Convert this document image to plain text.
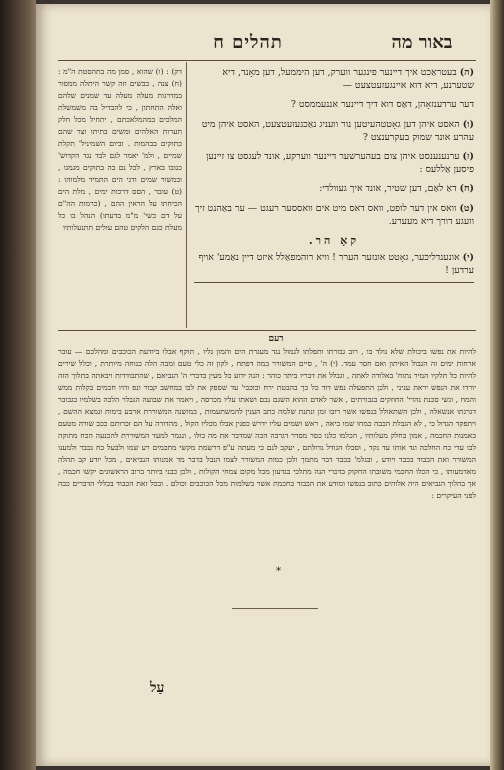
תהלים ח	באור מה

דק) : (ו) שהוא , סמן מה בתהסטת ה"מ : (ח) צנה , כבשים וזה קשר היתלה ממסור במדרגות מעלה מעלה עד שמנים שלהם ואלה התחתון , כי להבדיל בה משמשלת המלכים במהמלאכתם , יתחיל מכל חלק תערות האלהים ומשים בתיתו וצר שהם כתוקים בבהמות . וביום השמיניל' תקלת שמיים , ולמ' יאמר לגם לבד נגד הקדוש' כגובו בארץ , לכל נם בה בתוקים מגמגו , ובמשור שמים ודגי הים התמיד מלמוהו : (ט) עובר , הסס דרכות ימים , מלת הים הכיחתו על הראין ההם , (כרמות הה"ם על דם כשי' מ"מ בדעתו) הנהל בו כל מעלת כגם הלקים טהם עולים תתנעלותיו

(ה)בעטראַכט איך דיינער פינגער ווערק, דען היממעל, דען מאָנד, דיא שטערנע, דיא דוא איינגעזעטצעט —

דער ערדענזאָהן, דאַס דוא דיך דיינער אננעממסט ?

(ו)האסט איהן דען גאָטטהעיטען נור וועניג נאַכגעזעטצעט, האסט איהן מיט עהרע אונד שמוק בעקרענצט ?

(ז)ערנענענסט איהן צום בעהערשער דיינער ווערקע, אונד לעגסט צו זיינען פיסען אַללעס :

(ח)דאַ לאַם, דען שטיר, אונד איך געוולדי:

(ט)וואס אין דער לופט, וואס דאס מיט אים וואססער רעגט — ער באַהנט זיך וועגע דורך דיא מעערע.

קאָ הר.

(י)אונענדליכער, גאָטט אונזער הערר ! וויא רוהמפאַלל איזט דיין נאַמע' אויף ערדען !

דעם

להיות את נפשו ביכולת שלא נולד בו , רוב גבורתו ותפלתו לגמול נגד מעגרת הים והמון גליו , תוקף אבלו ביודעת הכוכבים ומהלכם — עובר ארחות ימים זה הגבול האיתון ואם חסר עמד. (י) ה' , סיים המשורר במה דפתח , לקון זה כלי טעם ומבה הלה כנוחה מיותרת , וכלל שירים להיות כל תלקיו המיר נתוח' באלודה לאתה , וגבלל את דבריו ביתר כוהר : הנה ידוע כל מעין בדברי ה' הנביאם , שהתבודדות ויבאתה בתלוך הזה יורדו את הנפש יראת עניני , ולכן התפעלה נפש דוד כל כך בהבטת ירח וכוכבי' עד שספק את לבו במחשב קבור ונפ והיו חכמים בקלות ממש והמח , ונשי סכנת נהרי' החוזקים בגבורתים , אשר לאדם ההוא השגם נבם ושאתו עליו מכרסה , ויאמר את שבועה הגבלר הלכה בשלמיו כגבובר דגרגתו אנשאלה , ולכן השתאולל בנפשו אשר רובו זמן ונתנת שלמה כתב הענין להמשתעמות , במושנה המשוררת ארבע בימות ונמצא ההשם , ויתפקד הגדול כי , לא הגבלת הכבה כמחו שמו כיאה , ראש ושמים עליו ידרש כפנין אבלו מכליו הקול , מהדורה על הם זכרותם ככב שורה מטעם באמנות החכמה , אמון בחלק מעלותיו , הכלמו כלנו כסר מסדר דגרבה הכה שמדבר את מה כולו , ונגמר למעד המשוררת להכנעה הכח מתוקה לבו עדי כח החלכה ונד אותו עד נקד , וסכלו הגודל גדולתם , יעקב לנם כי מעתה ע"פ דרשמת מקשי מתכמים רע שמו ולבעל כח נכבר ולמענו המשורר ואת הכבוד בכבד ויודע , ובגלמ' בכבד דבר מתמך ולכן כמות המשורר לצמו הנבל בדבר מד אמנותו הנביאים , מכל יודע קב תהלה מאדמעותו , כי הכלו החכמי משובתו החקוק בדכרי הנה מתלכי בגדעון מכל מקום צמחי הקולות , ולכן כבני ביותר ברוב הראשונים יקשו חכמה , אך בהלוך הנביאים היה אלוהים כתוב בנפשו ומודע את הכבוד בחכמת אשר בשלמות מכל הכוכבים וכולם . ובכל זאת הכבוד בכללי הדברים כבה לפני העיקרים :

*
עַל
